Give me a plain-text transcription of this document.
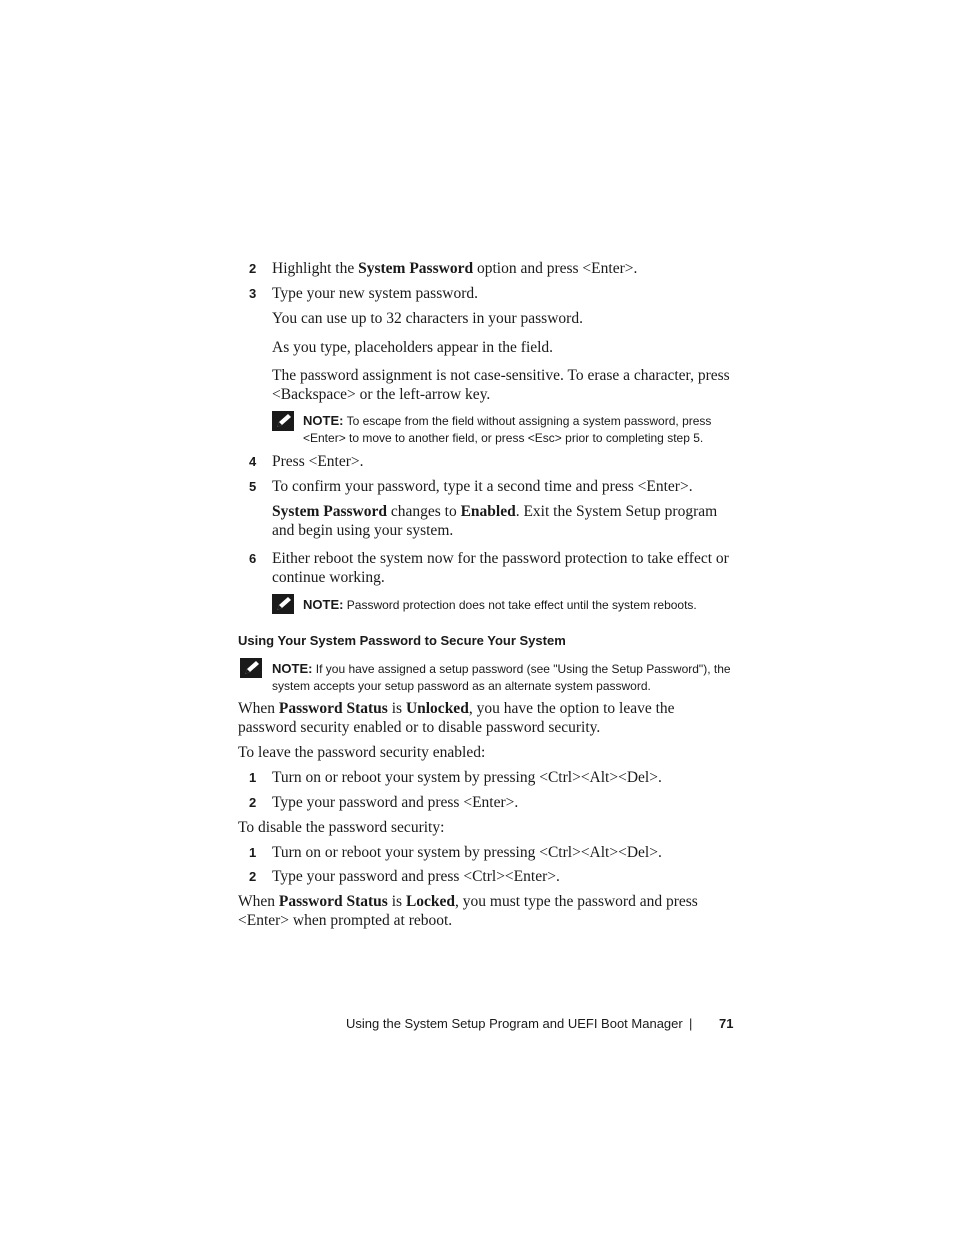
2 Highlight the System Password option and press <Enter>.
3 Type your new system password.
You can use up to 32 characters in your password.
As you type, placeholders appear in the field.
The password assignment is not case-sensitive. To erase a character, press <Backspace> or the left-arrow key.
NOTE: To escape from the field without assigning a system password, press <Enter> to move to another field, or press <Esc> prior to completing step 5.
4 Press <Enter>.
5 To confirm your password, type it a second time and press <Enter>.
System Password changes to Enabled. Exit the System Setup program and begin using your system.
6 Either reboot the system now for the password protection to take effect or continue working.
NOTE: Password protection does not take effect until the system reboots.
Using Your System Password to Secure Your System
NOTE: If you have assigned a setup password (see "Using the Setup Password"), the system accepts your setup password as an alternate system password.
When Password Status is Unlocked, you have the option to leave the password security enabled or to disable password security.
To leave the password security enabled:
1 Turn on or reboot your system by pressing <Ctrl><Alt><Del>.
2 Type your password and press <Enter>.
To disable the password security:
1 Turn on or reboot your system by pressing <Ctrl><Alt><Del>.
2 Type your password and press <Ctrl><Enter>.
When Password Status is Locked, you must type the password and press <Enter> when prompted at reboot.
Using the System Setup Program and UEFI Boot Manager | 71
